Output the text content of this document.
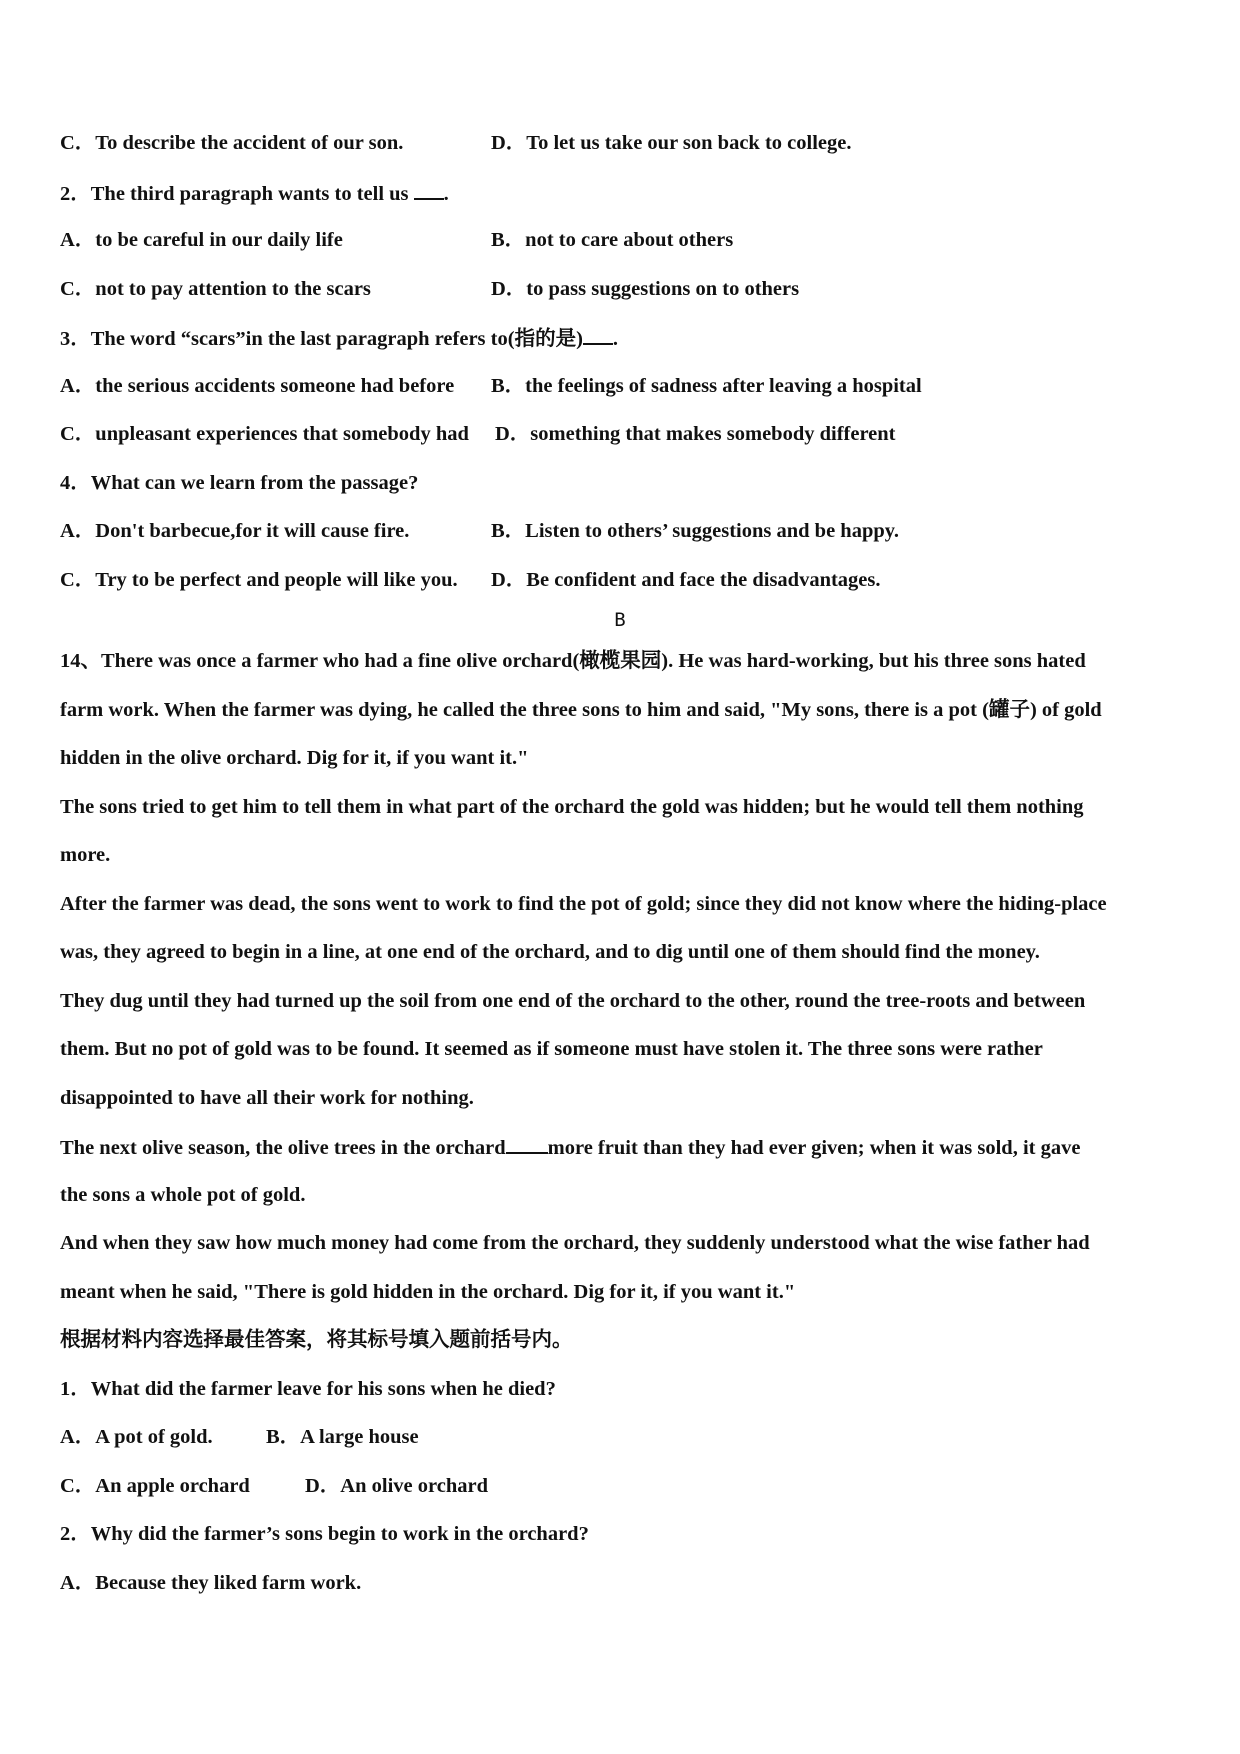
C．To describe the accident of our son.	D．To let us take our son back to college.
2．The third paragraph wants to tell us .
A．to be careful in our daily life	B．not to care about others
C．not to pay attention to the scars	D．to pass suggestions on to others
3．The word “scars”in the last paragraph refers to(指的是) .
A．the serious accidents someone had before B．the feelings of sadness after leaving a hospital
C．unpleasant experiences that somebody had D．something that makes somebody different
4．What can we learn from the passage?
A．Don't barbecue,for it will cause fire.	B．Listen to others’ suggestions and be happy.
C．Try to be perfect and people will like you. D．Be confident and face the disadvantages.
B
14、There was once a farmer who had a fine olive orchard(橄榄果园). He was hard-working, but his three sons hated
farm work. When the farmer was dying, he called the three sons to him and said, "My sons, there is a pot (罐子) of gold
hidden in the olive orchard. Dig for it, if you want it."
The sons tried to get him to tell them in what part of the orchard the gold was hidden; but he would tell them nothing
more.
After the farmer was dead, the sons went to work to find the pot of gold; since they did not know where the hiding-place
was, they agreed to begin in a line, at one end of the orchard, and to dig until one of them should find the money.
They dug until they had turned up the soil from one end of the orchard to the other, round the tree-roots and between
them. But no pot of gold was to be found. It seemed as if someone must have stolen it. The three sons were rather
disappointed to have all their work for nothing.
The next olive season, the olive trees in the orchard more fruit than they had ever given; when it was sold, it gave
the sons a whole pot of gold.
And when they saw how much money had come from the orchard, they suddenly understood what the wise father had
meant when he said, "There is gold hidden in the orchard. Dig for it, if you want it."
根据材料内容选择最佳答案，将其标号填入题前括号内。
1．What did the farmer leave for his sons when he died?
A．A pot of gold.	B．A large house
C．An apple orchard	D．An olive orchard
2．Why did the farmer’s sons begin to work in the orchard?
A．Because they liked farm work.
